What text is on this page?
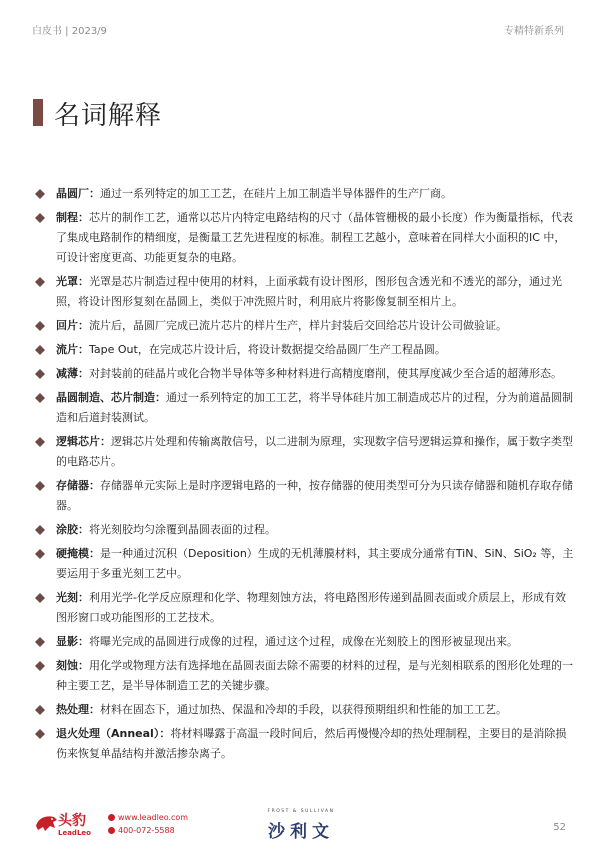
白皮书 | 2023/9	专精特新系列
名词解释
晶圆厂：通过一系列特定的加工工艺，在硅片上加工制造半导体器件的生产厂商。
制程：芯片的制作工艺，通常以芯片内特定电路结构的尺寸（晶体管栅极的最小长度）作为衡量指标，代表了集成电路制作的精细度，是衡量工艺先进程度的标准。制程工艺越小，意味着在同样大小面积的IC 中，可设计密度更高、功能更复杂的电路。
光罩：光罩是芯片制造过程中使用的材料，上面承载有设计图形，图形包含透光和不透光的部分，通过光照，将设计图形复刻在晶圆上，类似于冲洗照片时，利用底片将影像复制至相片上。
回片：流片后，晶圆厂完成已流片芯片的样片生产，样片封装后交回给芯片设计公司做验证。
流片：Tape Out，在完成芯片设计后，将设计数据提交给晶圆厂生产工程晶圆。
减薄：对封装前的硅晶片或化合物半导体等多种材料进行高精度磨削，使其厚度减少至合适的超薄形态。
晶圆制造、芯片制造：通过一系列特定的加工工艺，将半导体硅片加工制造成芯片的过程，分为前道晶圆制造和后道封装测试。
逻辑芯片：逻辑芯片处理和传输离散信号，以二进制为原理，实现数字信号逻辑运算和操作，属于数字类型的电路芯片。
存储器：存储器单元实际上是时序逻辑电路的一种，按存储器的使用类型可分为只读存储器和随机存取存储器。
涂胶：将光刻胶均匀涂覆到晶圆表面的过程。
硬掩模：是一种通过沉积（Deposition）生成的无机薄膜材料，其主要成分通常有TiN、SiN、SiO₂ 等，主要运用于多重光刻工艺中。
光刻：利用光学-化学反应原理和化学、物理刻蚀方法，将电路图形传递到晶圆表面或介质层上，形成有效图形窗口或功能图形的工艺技术。
显影：将曝光完成的晶圆进行成像的过程，通过这个过程，成像在光刻胶上的图形被显现出来。
刻蚀：用化学或物理方法有选择地在晶圆表面去除不需要的材料的过程，是与光刻相联系的图形化处理的一种主要工艺，是半导体制造工艺的关键步骤。
热处理：材料在固态下，通过加热、保温和冷却的手段，以获得预期组织和性能的加工工艺。
退火处理（Anneal）：将材料曝露于高温一段时间后，然后再慢慢冷却的热处理制程，主要目的是消除损伤来恢复单晶结构并激活掺杂离子。
头豹
LeadLeo
www.leadleo.com
400-072-5588
FROST & SULLIVAN
沙利文	52
